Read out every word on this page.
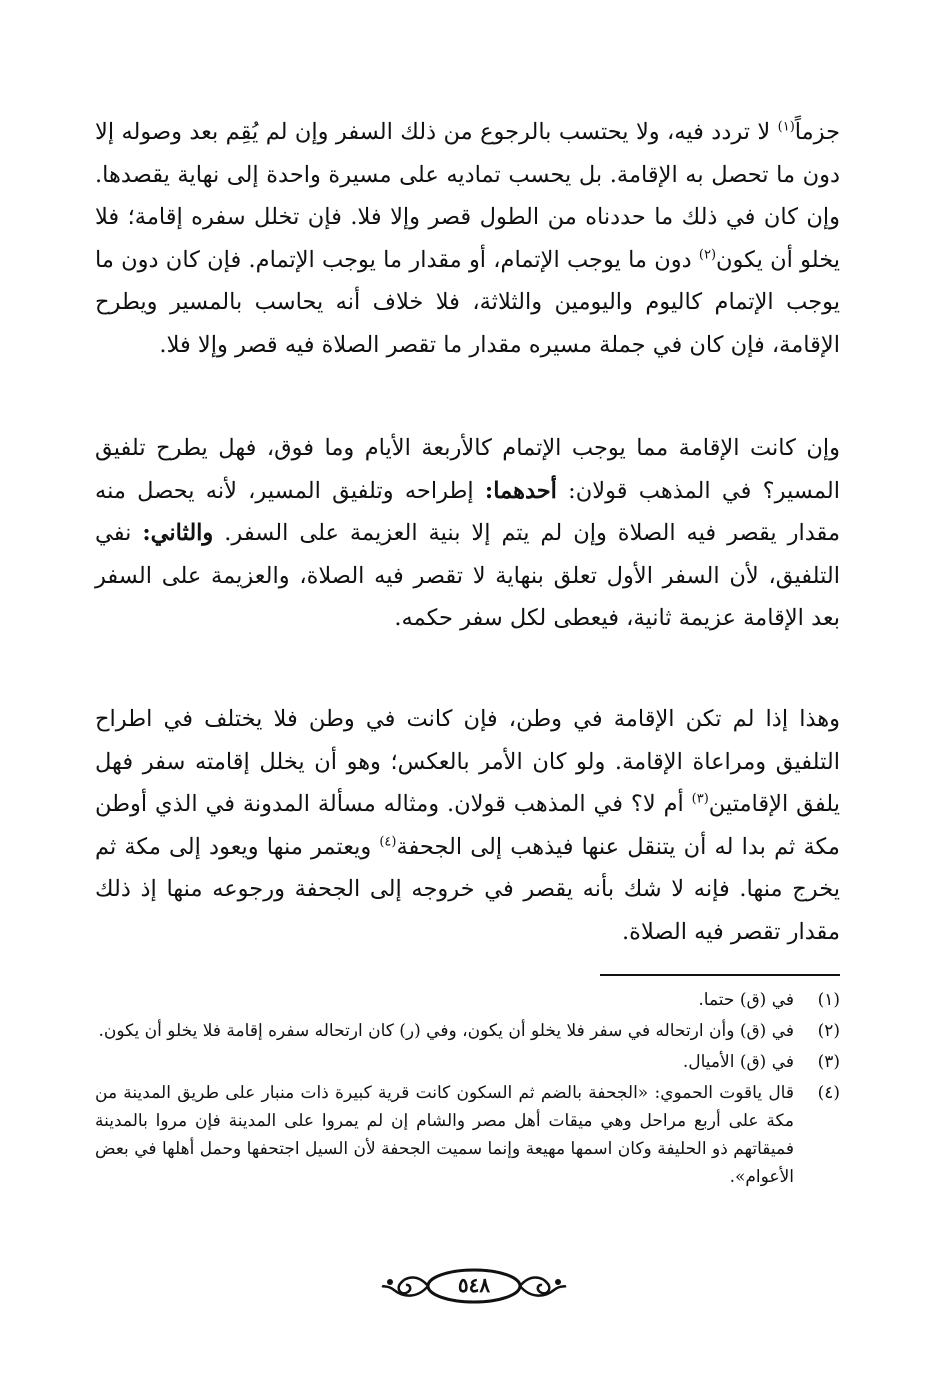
جزماً$^{(١)}$ لا تردد فيه، ولا يحتسب بالرجوع من ذلك السفر وإن لم يُقِم بعد وصوله إلا دون ما تحصل به الإقامة. بل يحسب تماديه على مسيرة واحدة إلى نهاية يقصدها. وإن كان في ذلك ما حددناه من الطول قصر وإلا فلا. فإن تخلل سفره إقامة؛ فلا يخلو أن يكون$^{(٢)}$ دون ما يوجب الإتمام، أو مقدار ما يوجب الإتمام. فإن كان دون ما يوجب الإتمام كاليوم واليومين والثلاثة، فلا خلاف أنه يحاسب بالمسير ويطرح الإقامة، فإن كان في جملة مسيره مقدار ما تقصر الصلاة فيه قصر وإلا فلا.

وإن كانت الإقامة مما يوجب الإتمام كالأربعة الأيام وما فوق، فهل يطرح تلفيق المسير؟ في المذهب قولان: أحدهما: إطراحه وتلفيق المسير، لأنه يحصل منه مقدار يقصر فيه الصلاة وإن لم يتم إلا بنية العزيمة على السفر. والثاني: نفي التلفيق، لأن السفر الأول تعلق بنهاية لا تقصر فيه الصلاة، والعزيمة على السفر بعد الإقامة عزيمة ثانية، فيعطى لكل سفر حكمه.

وهذا إذا لم تكن الإقامة في وطن، فإن كانت في وطن فلا يختلف في اطراح التلفيق ومراعاة الإقامة. ولو كان الأمر بالعكس؛ وهو أن يخلل إقامته سفر فهل يلفق الإقامتين$^{(٣)}$ أم لا؟ في المذهب قولان. ومثاله مسألة المدونة في الذي أوطن مكة ثم بدا له أن يتنقل عنها فيذهب إلى الجحفة$^{(٤)}$ ويعتمر منها ويعود إلى مكة ثم يخرج منها. فإنه لا شك بأنه يقصر في خروجه إلى الجحفة ورجوعه منها إذ ذلك مقدار تقصر فيه الصلاة.

(١)
في (ق) حتما.
(٢)
في (ق) وأن ارتحاله في سفر فلا يخلو أن يكون، وفي (ر) كان ارتحاله سفره إقامة فلا يخلو أن يكون.
(٣)
في (ق) الأميال.
(٤)
قال ياقوت الحموي: «الجحفة بالضم ثم السكون كانت قرية كبيرة ذات منبار على طريق المدينة من مكة على أربع مراحل وهي ميقات أهل مصر والشام إن لم يمروا على المدينة فإن مروا بالمدينة فميقاتهم ذو الحليفة وكان اسمها مهيعة وإنما سميت الجحفة لأن السيل اجتحفها وحمل أهلها في بعض الأعوام».
٥٤٨
